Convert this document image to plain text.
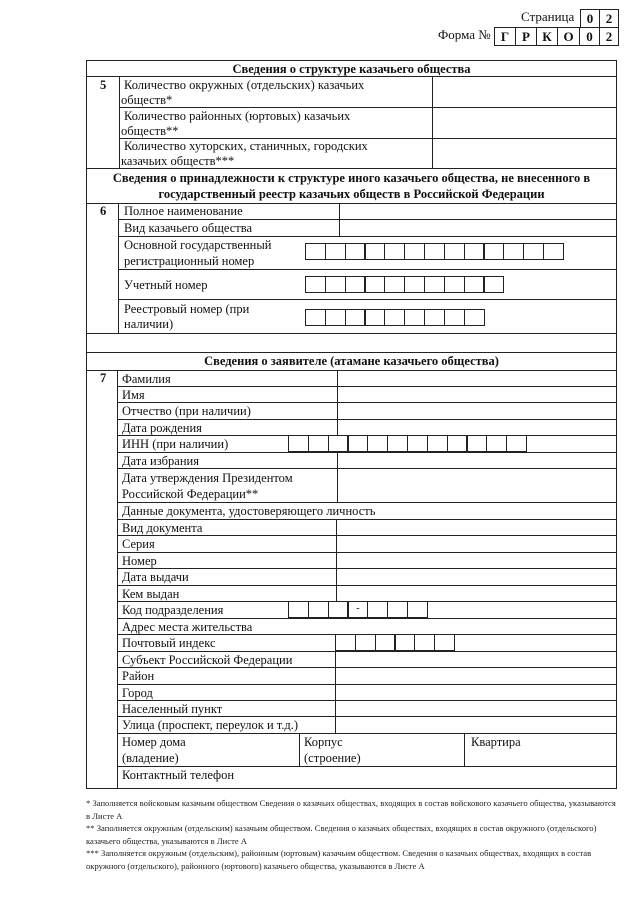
Страница 0 2
Форма № Г Р К О 0	2
Сведения о структуре казачьего общества
5 Количество окружных (отдельских) казачьих
обществ*
Количество районных (юртовых) казачьих
обществ**
Количество хуторских, станичных, городских
казачьих обществ***
Сведения о принадлежности к структуре иного казачьего общества, не внесенного в
государственный реестр казачьих обществ в Российской Федерации
6 Полное наименование
Вид казачьего общества
Основной государственный
регистрационный номер
Учетный номер
Реестровый номер (при
наличии)
Сведения о заявителе (атамане казачьего общества)
7 Фамилия
Имя
Отчество (при наличии)
Дата рождения
ИНН (при наличии)
Дата избрания
Дата утверждения Президентом
Российской Федерации**
Данные документа, удостоверяющего личность
Вид документа
Серия
Номер
Дата выдачи
Кем выдан
Код подразделения	-
Адрес места жительства
Почтовый индекс
Субъект Российской Федерации
Район
Город
Населенный пункт
Улица (проспект, переулок и т.д.)
Номер дома
(владение)
Корпус
(строение)
Квартира
Контактный телефон
* Заполняется войсковым казачьим обществом Сведения о казачьих обществах, входящих в состав войскового казачьего общества, указываются в Листе А
** Заполняется окружным (отдельским) казачьим обществом. Сведения о казачьих обществах, входящих в состав окружного (отдельского) казачьего общества, указываются в Листе А
*** Заполняется окружным (отдельским), районным (юртовым) казачьим обществом. Сведения о казачьих обществах, входящих в состав окружного (отдельского), районного (юртового) казачьего общества, указываются в Листе А
